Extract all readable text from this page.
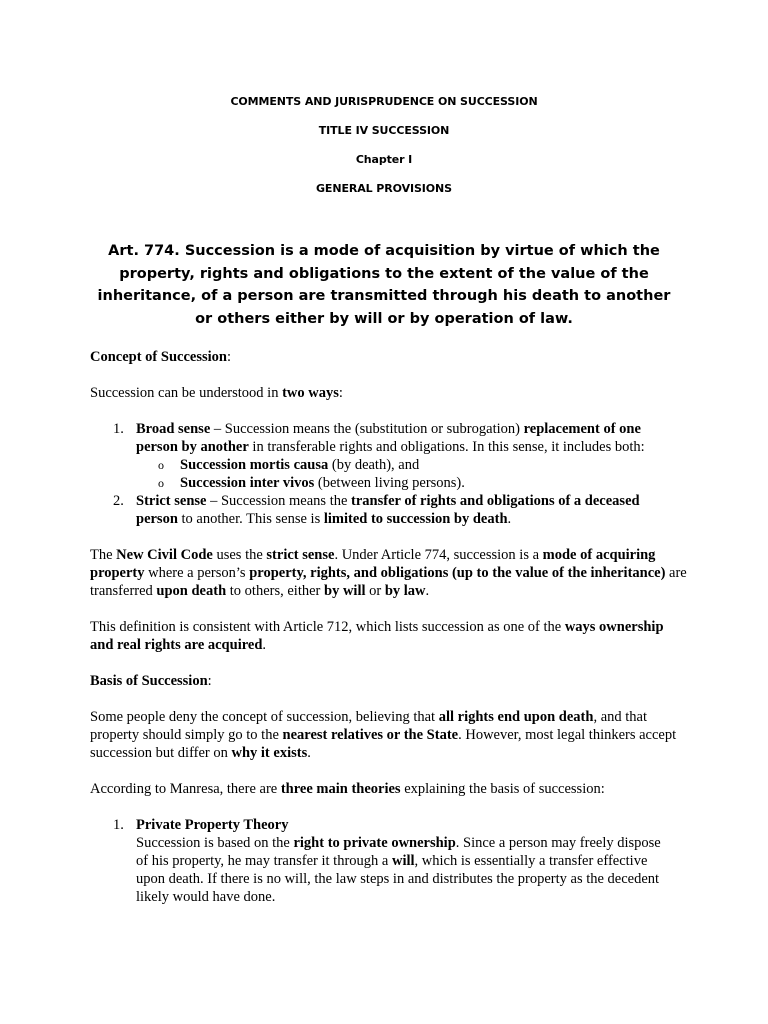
COMMENTS AND JURISPRUDENCE ON SUCCESSION
TITLE IV SUCCESSION
Chapter I
GENERAL PROVISIONS
Art. 774. Succession is a mode of acquisition by virtue of which the property, rights and obligations to the extent of the value of the inheritance, of a person are transmitted through his death to another or others either by will or by operation of law.
Concept of Succession:
Succession can be understood in two ways:
1. Broad sense – Succession means the (substitution or subrogation) replacement of one person by another in transferable rights and obligations. In this sense, it includes both:
o Succession mortis causa (by death), and
o Succession inter vivos (between living persons).
2. Strict sense – Succession means the transfer of rights and obligations of a deceased person to another. This sense is limited to succession by death.
The New Civil Code uses the strict sense. Under Article 774, succession is a mode of acquiring property where a person’s property, rights, and obligations (up to the value of the inheritance) are transferred upon death to others, either by will or by law.
This definition is consistent with Article 712, which lists succession as one of the ways ownership and real rights are acquired.
Basis of Succession:
Some people deny the concept of succession, believing that all rights end upon death, and that property should simply go to the nearest relatives or the State. However, most legal thinkers accept succession but differ on why it exists.
According to Manresa, there are three main theories explaining the basis of succession:
1. Private Property Theory
Succession is based on the right to private ownership. Since a person may freely dispose of his property, he may transfer it through a will, which is essentially a transfer effective upon death. If there is no will, the law steps in and distributes the property as the decedent likely would have done.
